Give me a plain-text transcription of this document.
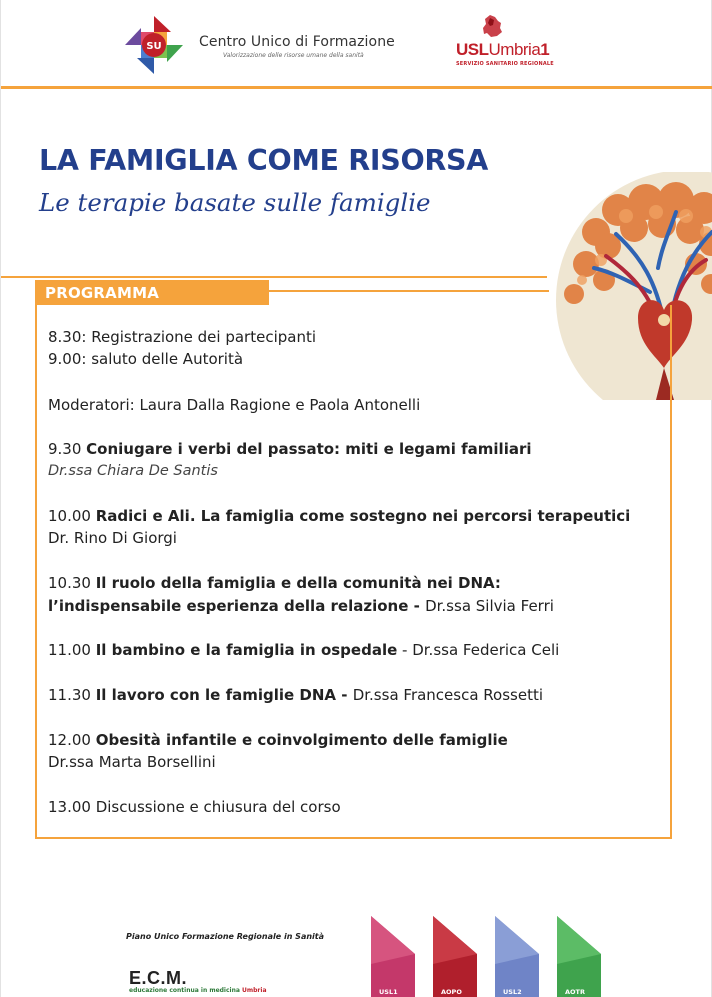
SU	Centro Unico di Formazione
Valorizzazione delle risorse umane della sanità	USLUmbria1
SERVIZIO SANITARIO REGIONALE
LA FAMIGLIA COME RISORSA
Le terapie basate sulle famiglie
PROGRAMMA
8.30: Registrazione dei partecipanti
9.00: saluto delle Autorità
Moderatori: Laura Dalla Ragione e Paola Antonelli
9.30 Coniugare i verbi del passato: miti e legami familiari
Dr.ssa Chiara De Santis
10.00 Radici e Ali. La famiglia come sostegno nei percorsi terapeutici
Dr. Rino Di Giorgi
10.30 Il ruolo della famiglia e della comunità nei DNA:
l’indispensabile esperienza della relazione - Dr.ssa Silvia Ferri
11.00 Il bambino e la famiglia in ospedale - Dr.ssa Federica Celi
11.30 Il lavoro con le famiglie DNA - Dr.ssa Francesca Rossetti
12.00 Obesità infantile e coinvolgimento delle famiglie
Dr.ssa Marta Borsellini
13.00 Discussione e chiusura del corso
Piano Unico Formazione Regionale in Sanità
E.C.M.
educazione continua in medicina Umbria	USL1	AOPO	USL2	AOTR
